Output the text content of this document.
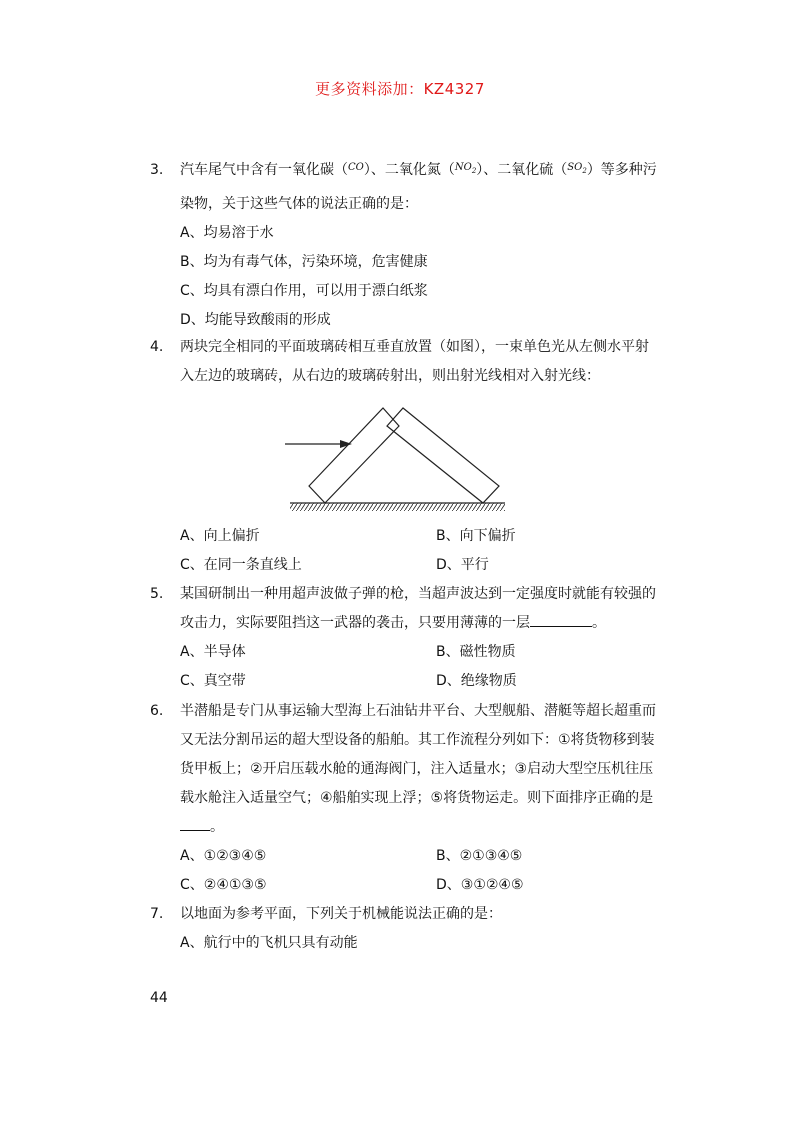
更多资料添加：KZ4327
3.	汽车尾气中含有一氧化碳（$^{CO}$）、二氧化氮（$^{NO_2}$）、二氧化硫（$^{SO_2}$）等多种污染物，关于这些气体的说法正确的是：
A、均易溶于水
B、均为有毒气体，污染环境，危害健康
C、均具有漂白作用，可以用于漂白纸浆
D、均能导致酸雨的形成
4.	两块完全相同的平面玻璃砖相互垂直放置（如图），一束单色光从左侧水平射入左边的玻璃砖，从右边的玻璃砖射出，则出射光线相对入射光线：
A、向上偏折	B、向下偏折
C、在同一条直线上	D、平行
5.	某国研制出一种用超声波做子弹的枪，当超声波达到一定强度时就能有较强的攻击力，实际要阻挡这一武器的袭击，只要用薄薄的一层	。
A、半导体	B、磁性物质
C、真空带	D、绝缘物质
6.	半潜船是专门从事运输大型海上石油钻井平台、大型舰船、潜艇等超长超重而又无法分割吊运的超大型设备的船舶。其工作流程分列如下：①将货物移到装货甲板上；②开启压载水舱的通海阀门，注入适量水；③启动大型空压机往压载水舱注入适量空气；④船舶实现上浮；⑤将货物运走。则下面排序正确的是。
A、①②③④⑤	B、②①③④⑤
C、②④①③⑤	D、③①②④⑤
7.	以地面为参考平面，下列关于机械能说法正确的是：
A、航行中的飞机只具有动能
44
